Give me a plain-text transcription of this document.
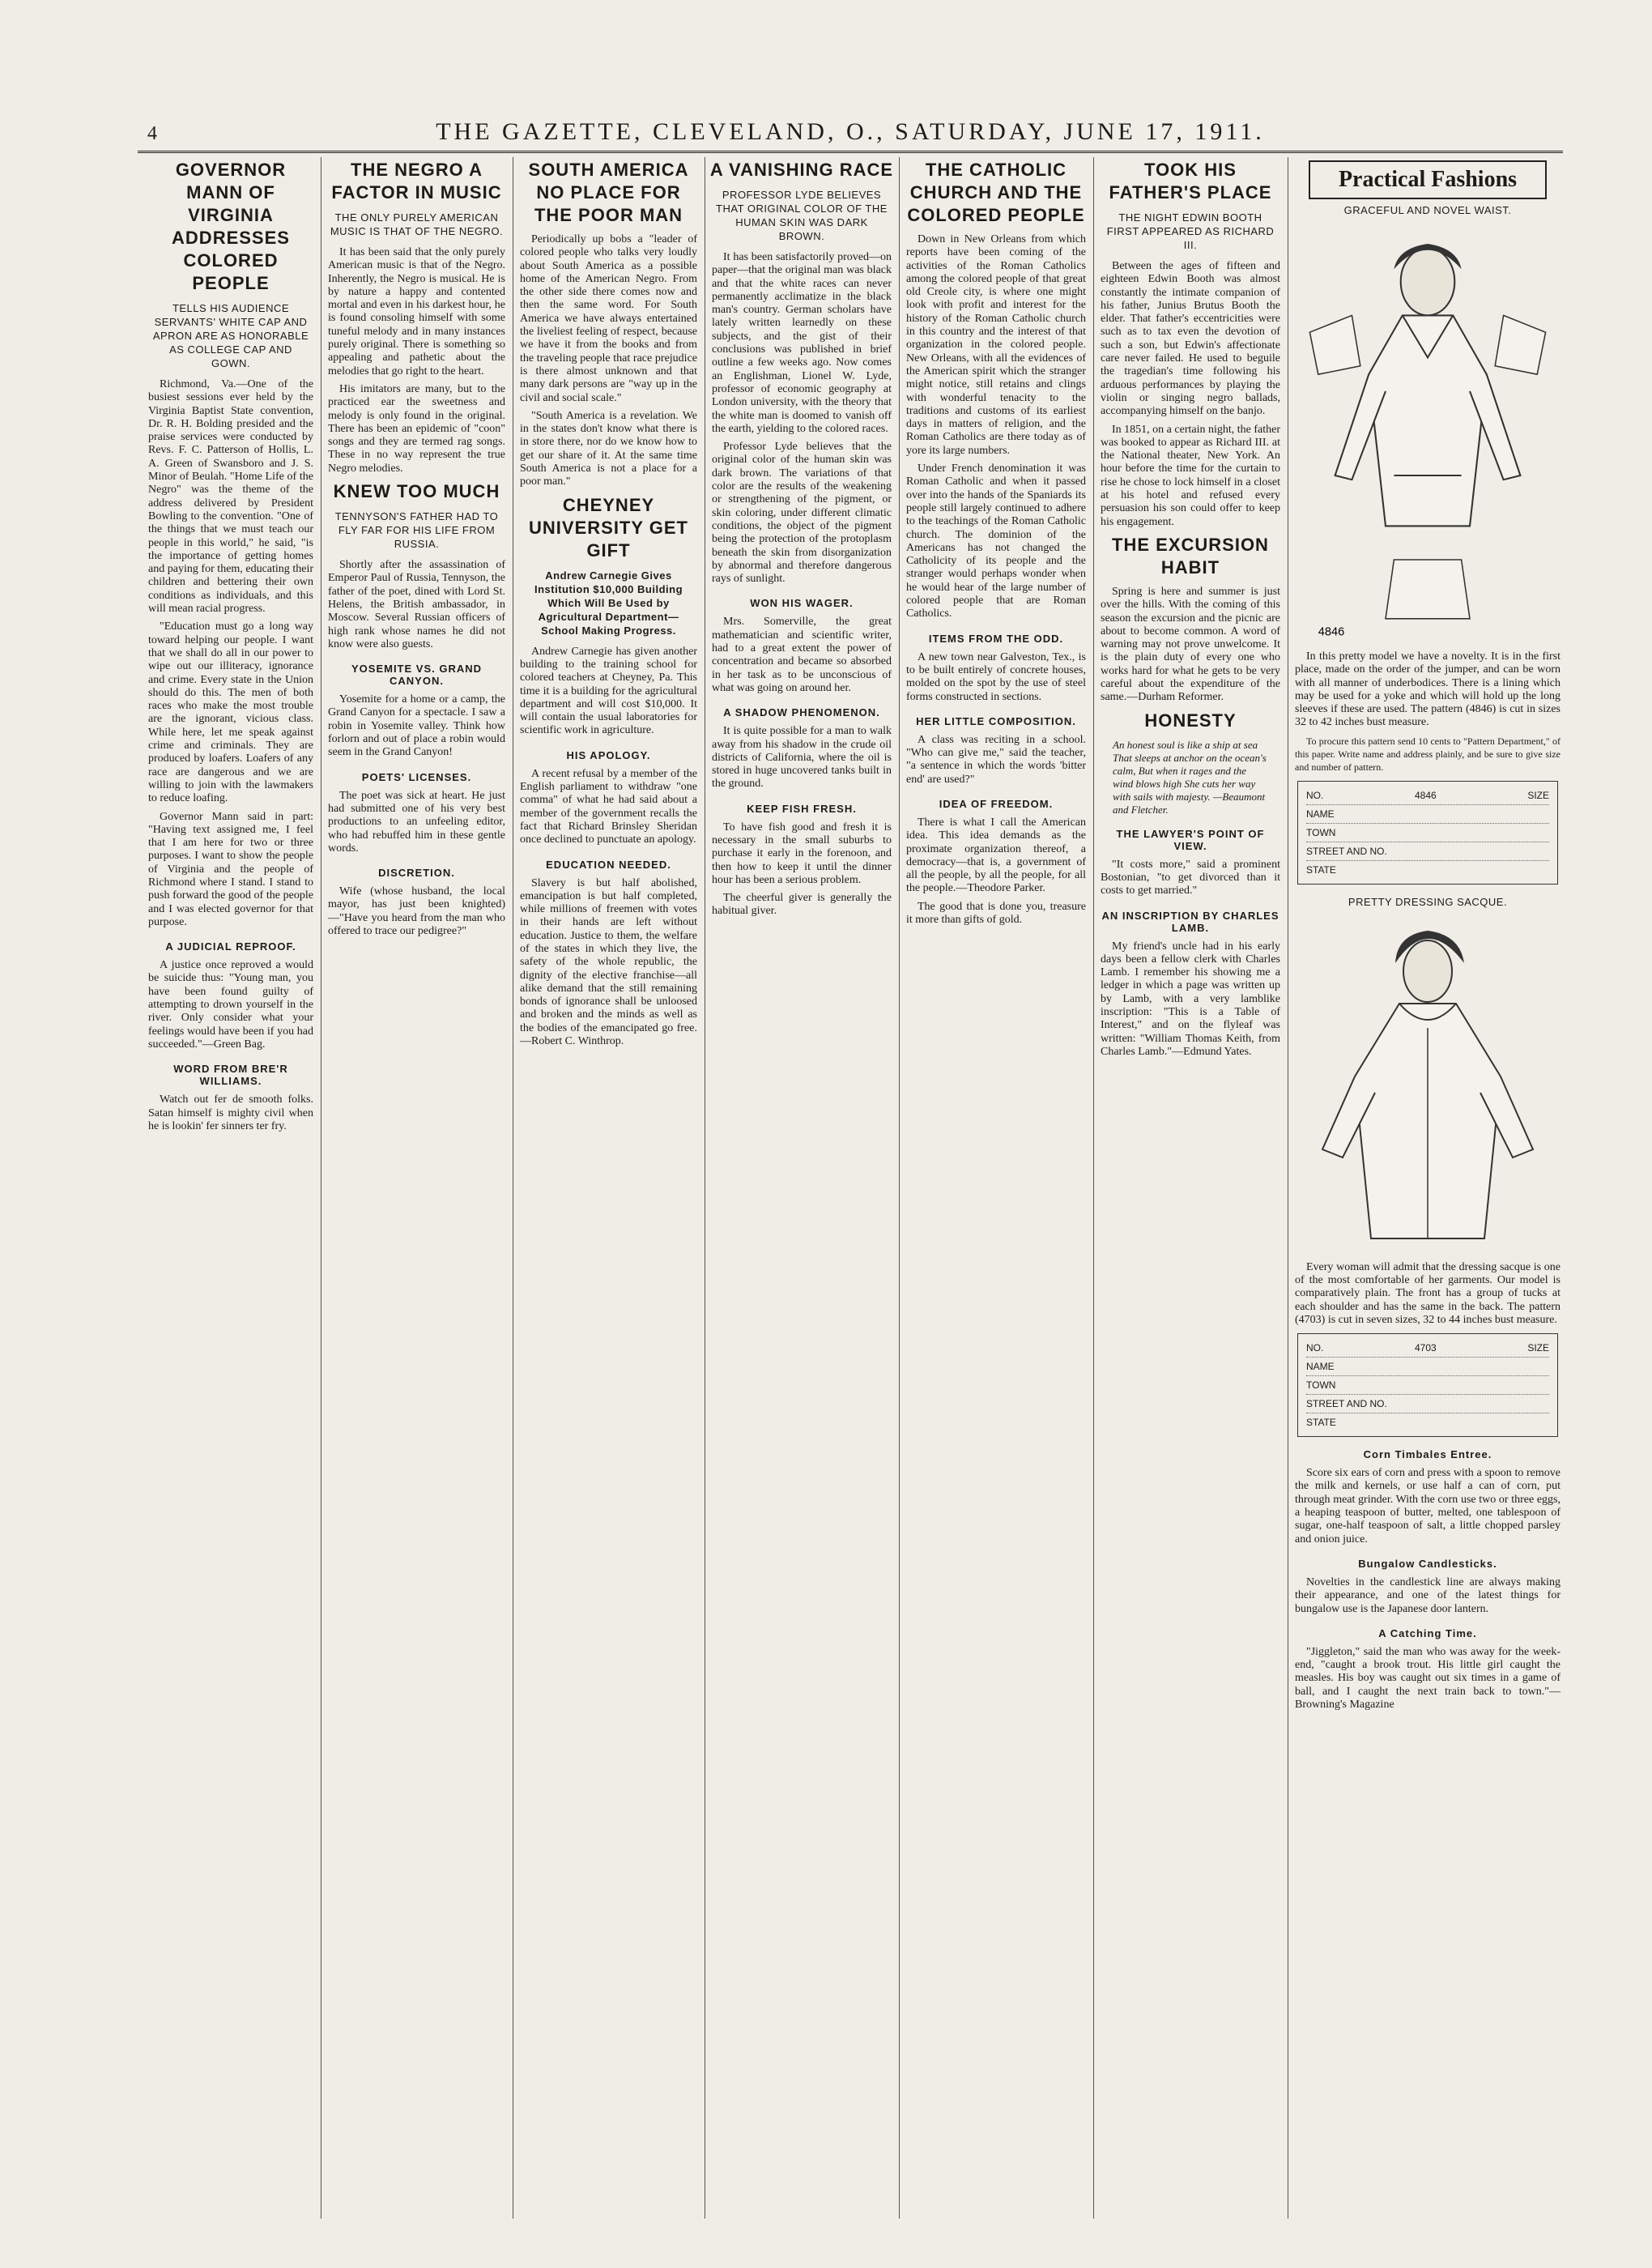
4	THE GAZETTE, CLEVELAND, O., SATURDAY, JUNE 17, 1911.
GOVERNOR MANN OF VIRGINIA ADDRESSES COLORED PEOPLE
TELLS HIS AUDIENCE SERVANTS' WHITE CAP AND APRON ARE AS HONORABLE AS COLLEGE CAP AND GOWN.

Richmond, Va.—One of the busiest sessions ever held by the Virginia Baptist State convention, Dr. R. H. Bolding presided and the praise services were conducted by Revs. F. C. Patterson of Hollis, L. A. Green of Swansboro and J. S. Minor of Beulah. "Home Life of the Negro" was the theme of the address delivered by President Bowling to the convention. "One of the things that we must teach our people in this world," he said, "is the importance of getting homes and paying for them, educating their children and bettering their own conditions as individuals, and this will mean racial progress.

"Education must go a long way toward helping our people. I want that we shall do all in our power to wipe out our illiteracy, ignorance and crime. Every state in the Union should do this. The men of both races who make the most trouble are the ignorant, vicious class. While here, let me speak against crime and criminals. They are produced by loafers. Loafers of any race are dangerous and we are willing to join with the lawmakers to reduce loafing.

Governor Mann said in part: "Having text assigned me, I feel that I am here for two or three purposes. I want to show the people of Virginia and the people of Richmond where I stand. I stand to push forward the good of the people and I was elected governor for that purpose.

A JUDICIAL REPROOF.

A justice once reproved a would be suicide thus: "Young man, you have been found guilty of attempting to drown yourself in the river. Only consider what your feelings would have been if you had succeeded."—Green Bag.

WORD FROM BRE'R WILLIAMS.

Watch out fer de smooth folks. Satan himself is mighty civil when he is lookin' fer sinners ter fry.

THE NEGRO A FACTOR IN MUSIC
THE ONLY PURELY AMERICAN MUSIC IS THAT OF THE NEGRO.

It has been said that the only purely American music is that of the Negro. Inherently, the Negro is musical. He is by nature a happy and contented mortal and even in his darkest hour, he is found consoling himself with some tuneful melody and in many instances purely original. There is something so appealing and pathetic about the melodies that go right to the heart.

His imitators are many, but to the practiced ear the sweetness and melody is only found in the original. There has been an epidemic of "coon" songs and they are termed rag songs. These in no way represent the true Negro melodies.

KNEW TOO MUCH
TENNYSON'S FATHER HAD TO FLY FAR FOR HIS LIFE FROM RUSSIA.

Shortly after the assassination of Emperor Paul of Russia, Tennyson, the father of the poet, dined with Lord St. Helens, the British ambassador, in Moscow. Several Russian officers of high rank whose names he did not know were also guests.

YOSEMITE VS. GRAND CANYON.

Yosemite for a home or a camp, the Grand Canyon for a spectacle. I saw a robin in Yosemite valley. Think how forlorn and out of place a robin would seem in the Grand Canyon!

POETS' LICENSES.

The poet was sick at heart. He just had submitted one of his very best productions to an unfeeling editor, who had rebuffed him in these gentle words.

DISCRETION.

Wife (whose husband, the local mayor, has just been knighted)—"Have you heard from the man who offered to trace our pedigree?"

SOUTH AMERICA NO PLACE FOR THE POOR MAN

Periodically up bobs a "leader of colored people who talks very loudly about South America as a possible home of the American Negro. From the other side there comes now and then the same word. For South America we have always entertained the liveliest feeling of respect, because we have it from the books and from the traveling people that race prejudice is there almost unknown and that many dark persons are "way up in the civil and social scale."

"South America is a revelation. We in the states don't know what there is in store there, nor do we know how to get our share of it. At the same time South America is not a place for a poor man."

CHEYNEY UNIVERSITY GET GIFT
Andrew Carnegie Gives Institution $10,000 Building Which Will Be Used by Agricultural Department—School Making Progress.

Andrew Carnegie has given another building to the training school for colored teachers at Cheyney, Pa. This time it is a building for the agricultural department and will cost $10,000. It will contain the usual laboratories for scientific work in agriculture.

HIS APOLOGY.

A recent refusal by a member of the English parliament to withdraw "one comma" of what he had said about a member of the government recalls the fact that Richard Brinsley Sheridan once declined to punctuate an apology.

EDUCATION NEEDED.

Slavery is but half abolished, emancipation is but half completed, while millions of freemen with votes in their hands are left without education. Justice to them, the welfare of the states in which they live, the safety of the whole republic, the dignity of the elective franchise—all alike demand that the still remaining bonds of ignorance shall be unloosed and broken and the minds as well as the bodies of the emancipated go free.—Robert C. Winthrop.

A VANISHING RACE
PROFESSOR LYDE BELIEVES THAT ORIGINAL COLOR OF THE HUMAN SKIN WAS DARK BROWN.

It has been satisfactorily proved—on paper—that the original man was black and that the white races can never permanently acclimatize in the black man's country. German scholars have lately written learnedly on these subjects, and the gist of their conclusions was published in brief outline a few weeks ago. Now comes an Englishman, Lionel W. Lyde, professor of economic geography at London university, with the theory that the white man is doomed to vanish off the earth, yielding to the colored races.

Professor Lyde believes that the original color of the human skin was dark brown. The variations of that color are the results of the weakening or strengthening of the pigment, or skin coloring, under different climatic conditions, the object of the pigment being the protection of the protoplasm beneath the skin from disorganization by abnormal and therefore dangerous rays of sunlight.

WON HIS WAGER.

Mrs. Somerville, the great mathematician and scientific writer, had to a great extent the power of concentration and became so absorbed in her task as to be unconscious of what was going on around her.

A SHADOW PHENOMENON.

It is quite possible for a man to walk away from his shadow in the crude oil districts of California, where the oil is stored in huge uncovered tanks built in the ground.

KEEP FISH FRESH.

To have fish good and fresh it is necessary in the small suburbs to purchase it early in the forenoon, and then how to keep it until the dinner hour has been a serious problem.

The cheerful giver is generally the habitual giver.

THE CATHOLIC CHURCH AND THE COLORED PEOPLE

Down in New Orleans from which reports have been coming of the activities of the Roman Catholics among the colored people of that great old Creole city, is where one might look with profit and interest for the history of the Roman Catholic church in this country and the interest of that organization in the colored people. New Orleans, with all the evidences of the American spirit which the stranger might notice, still retains and clings with wonderful tenacity to the traditions and customs of its earliest days in matters of religion, and the Roman Catholics are there today as of yore its large numbers.

Under French denomination it was Roman Catholic and when it passed over into the hands of the Spaniards its people still largely continued to adhere to the teachings of the Roman Catholic church. The dominion of the Americans has not changed the Catholicity of its people and the stranger would perhaps wonder when he would hear of the large number of colored people that are Roman Catholics.

ITEMS FROM THE ODD.

A new town near Galveston, Tex., is to be built entirely of concrete houses, molded on the spot by the use of steel forms constructed in sections.

HER LITTLE COMPOSITION.

A class was reciting in a school. "Who can give me," said the teacher, "a sentence in which the words 'bitter end' are used?"

IDEA OF FREEDOM.

There is what I call the American idea. This idea demands as the proximate organization thereof, a democracy—that is, a government of all the people, by all the people, for all the people.—Theodore Parker.

The good that is done you, treasure it more than gifts of gold.

TOOK HIS FATHER'S PLACE
THE NIGHT EDWIN BOOTH FIRST APPEARED AS RICHARD III.

Between the ages of fifteen and eighteen Edwin Booth was almost constantly the intimate companion of his father, Junius Brutus Booth the elder. That father's eccentricities were such as to tax even the devotion of such a son, but Edwin's affectionate care never failed. He used to beguile the tragedian's time following his arduous performances by playing the violin or singing negro ballads, accompanying himself on the banjo.

In 1851, on a certain night, the father was booked to appear as Richard III. at the National theater, New York. An hour before the time for the curtain to rise he chose to lock himself in a closet at his hotel and refused every persuasion his son could offer to keep his engagement.

THE EXCURSION HABIT

Spring is here and summer is just over the hills. With the coming of this season the excursion and the picnic are about to become common. A word of warning may not prove unwelcome. It is the plain duty of every one who works hard for what he gets to be very careful about the expenditure of the same.—Durham Reformer.

HONESTY

An honest soul is like a ship at sea That sleeps at anchor on the ocean's calm, But when it rages and the wind blows high She cuts her way with sails with majesty. —Beaumont and Fletcher.

THE LAWYER'S POINT OF VIEW.

"It costs more," said a prominent Bostonian, "to get divorced than it costs to get married."

AN INSCRIPTION BY CHARLES LAMB.

My friend's uncle had in his early days been a fellow clerk with Charles Lamb. I remember his showing me a ledger in which a page was written up by Lamb, with a very lamblike inscription: "This is a Table of Interest," and on the flyleaf was written: "William Thomas Keith, from Charles Lamb."—Edmund Yates.

Practical Fashions
GRACEFUL AND NOVEL WAIST.
4846

In this pretty model we have a novelty. It is in the first place, made on the order of the jumper, and can be worn with all manner of underbodices. There is a lining which may be used for a yoke and which will hold up the long sleeves if these are used. The pattern (4846) is cut in sizes 32 to 42 inches bust measure.

To procure this pattern send 10 cents to "Pattern Department," of this paper. Write name and address plainly, and be sure to give size and number of pattern.

NO.	4846	SIZE
NAME
TOWN
STREET AND NO.
STATE
PRETTY DRESSING SACQUE.

Every woman will admit that the dressing sacque is one of the most comfortable of her garments. Our model is comparatively plain. The front has a group of tucks at each shoulder and has the same in the back. The pattern (4703) is cut in seven sizes, 32 to 44 inches bust measure.

NO.	4703	SIZE
NAME
TOWN
STREET AND NO.
STATE
Corn Timbales Entree.

Score six ears of corn and press with a spoon to remove the milk and kernels, or use half a can of corn, put through meat grinder. With the corn use two or three eggs, a heaping teaspoon of butter, melted, one tablespoon of sugar, one-half teaspoon of salt, a little chopped parsley and onion juice.

Bungalow Candlesticks.

Novelties in the candlestick line are always making their appearance, and one of the latest things for bungalow use is the Japanese door lantern.

A Catching Time.

"Jiggleton," said the man who was away for the week-end, "caught a brook trout. His little girl caught the measles. His boy was caught out six times in a game of ball, and I caught the next train back to town."—Browning's Magazine
